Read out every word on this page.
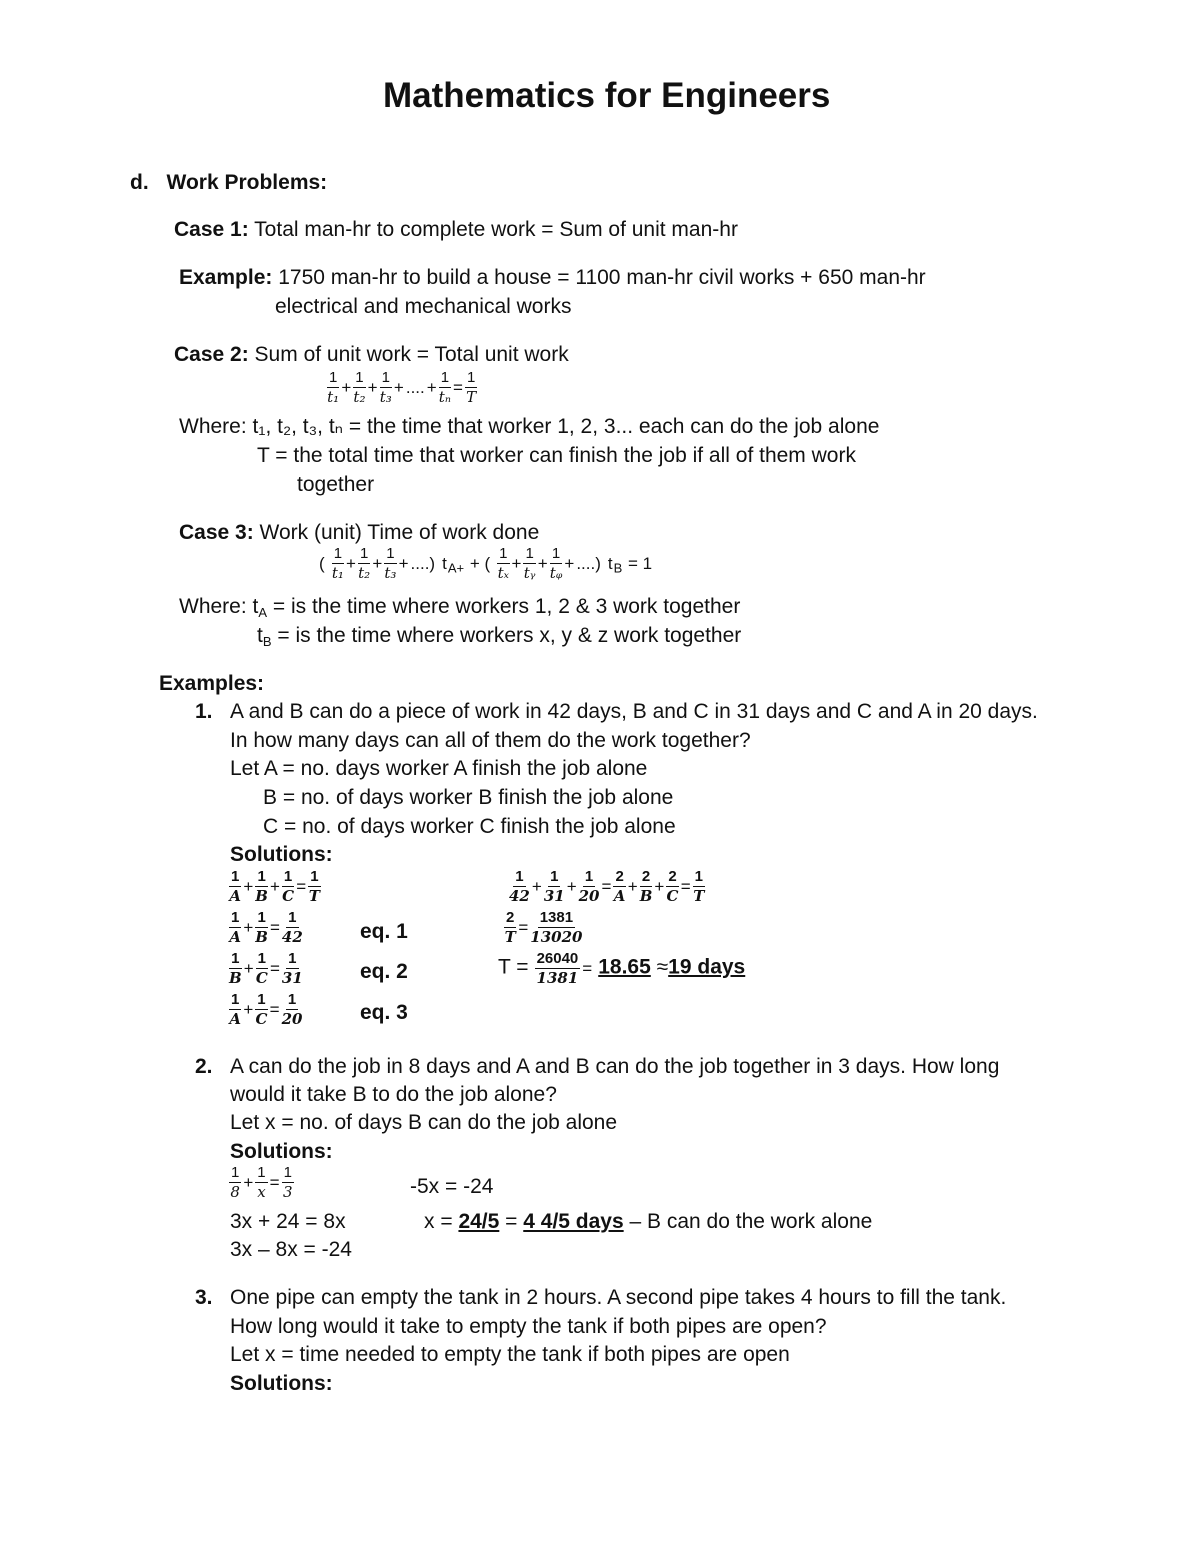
Mathematics for Engineers
d. Work Problems:
Case 1: Total man-hr to complete work = Sum of unit man-hr
Example: 1750 man-hr to build a house = 1100 man-hr civil works + 650 man-hr
electrical and mechanical works
Case 2: Sum of unit work = Total unit work
$\frac{1}{\text{t₁}} + \frac{1}{\text{t₂}} + \frac{1}{\text{t₃}}$ + .... + $\frac{1}{\text{tₙ}} = \frac{1}{T}$
Where: t₁, t₂, t₃, tₙ = the time that worker 1, 2, 3... each can do the job alone
T = the total time that worker can finish the job if all of them work
together
Case 3: Work (unit) Time of work done
( $\frac{1}{\text{t₁}} + \frac{1}{\text{t₂}} + \frac{1}{\text{t₃}}$ + ....) $t_{A+}$ + ( $\frac{1}{\text{tₓ}} + \frac{1}{\text{tᵧ}} + \frac{1}{\text{tᵩ}}$ + ....) $t_B = 1$
Where: $t_A$ = is the time where workers 1, 2 & 3 work together
$t_B$ = is the time where workers x, y & z work together
Examples:
1. A and B can do a piece of work in 42 days, B and C in 31 days and C and A in 20 days.
In how many days can all of them do the work together?
Let A = no. days worker A finish the job alone
B = no. of days worker B finish the job alone
C = no. of days worker C finish the job alone
Solutions:
$\frac{1}{A} + \frac{1}{B} + \frac{1}{C} = \frac{1}{T}$
$\frac{1}{A} + \frac{1}{B} = \frac{1}{42}$	eq. 1
$\frac{1}{B} + \frac{1}{C} = \frac{1}{31}$	eq. 2
$\frac{1}{A} + \frac{1}{C} = \frac{1}{20}$	eq. 3
$\frac{1}{42} + \frac{1}{31} + \frac{1}{20} = \frac{2}{A} + \frac{2}{B} + \frac{2}{C} = \frac{1}{T}$
$\frac{2}{T} = \frac{1381}{13020}$
$T = \frac{26040}{1381} = 18.65 \approx 19$ days
2. A can do the job in 8 days and A and B can do the job together in 3 days. How long
would it take B to do the job alone?
Let x = no. of days B can do the job alone
Solutions:
$\frac{1}{8} + \frac{1}{x} = \frac{1}{3}$	-5x = -24
3x + 24 = 8x	x = 24/5 = 4 4/5 days – B can do the work alone
3x – 8x = -24
3. One pipe can empty the tank in 2 hours. A second pipe takes 4 hours to fill the tank.
How long would it take to empty the tank if both pipes are open?
Let x = time needed to empty the tank if both pipes are open
Solutions:
